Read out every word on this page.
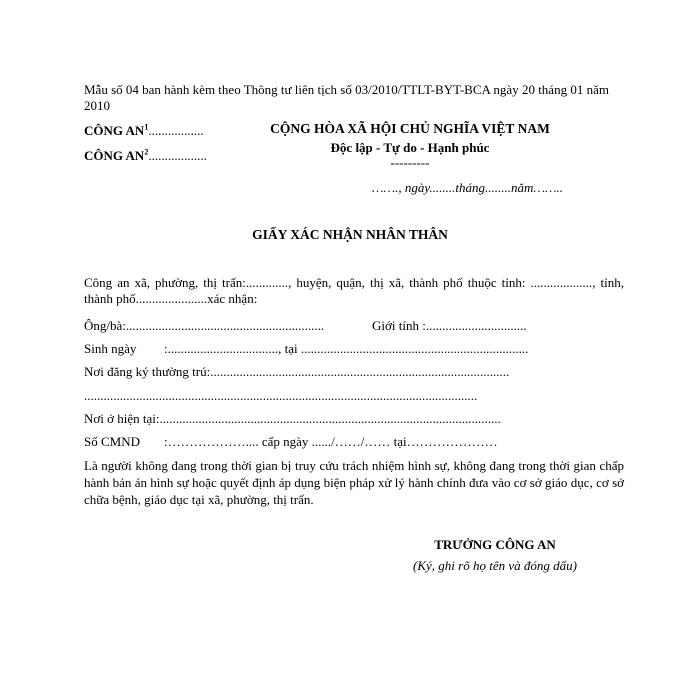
Mẫu số 04 ban hành kèm theo Thông tư liên tịch số 03/2010/TTLT-BYT-BCA ngày 20 tháng 01 năm 2010
CÔNG $AN^1$.................
CÔNG $AN^2$..................
CỘNG HÒA XÃ HỘI CHỦ NGHĨA VIỆT NAM
Độc lập - Tự do - Hạnh phúc
---------
……., ngày........tháng........năm……..
GIẤY XÁC NHẬN NHÂN THÂN
Công an xã, phường, thị trấn:............., huyện, quận, thị xã, thành phố thuộc tỉnh: ..................., tỉnh, thành phố......................xác nhận:
Ông/bà:.............................................................	Giới tính :...............................
Sinh ngày :.................................., tại ......................................................................
Nơi đăng ký thường trú:............................................................................................
.........................................................................................................................
Nơi ở hiện tại:.........................................................................................................
Số CMND :……………….... cấp ngày ....../……/…… tại…………………
Là người không đang trong thời gian bị truy cứu trách nhiệm hình sự, không đang trong thời gian chấp hành bản án hình sự hoặc quyết định áp dụng biện pháp xử lý hành chính đưa vào cơ sở giáo dục, cơ sở chữa bệnh, giáo dục tại xã, phường, thị trấn.
TRƯỞNG CÔNG AN
(Ký, ghi rõ họ tên và đóng dấu)
